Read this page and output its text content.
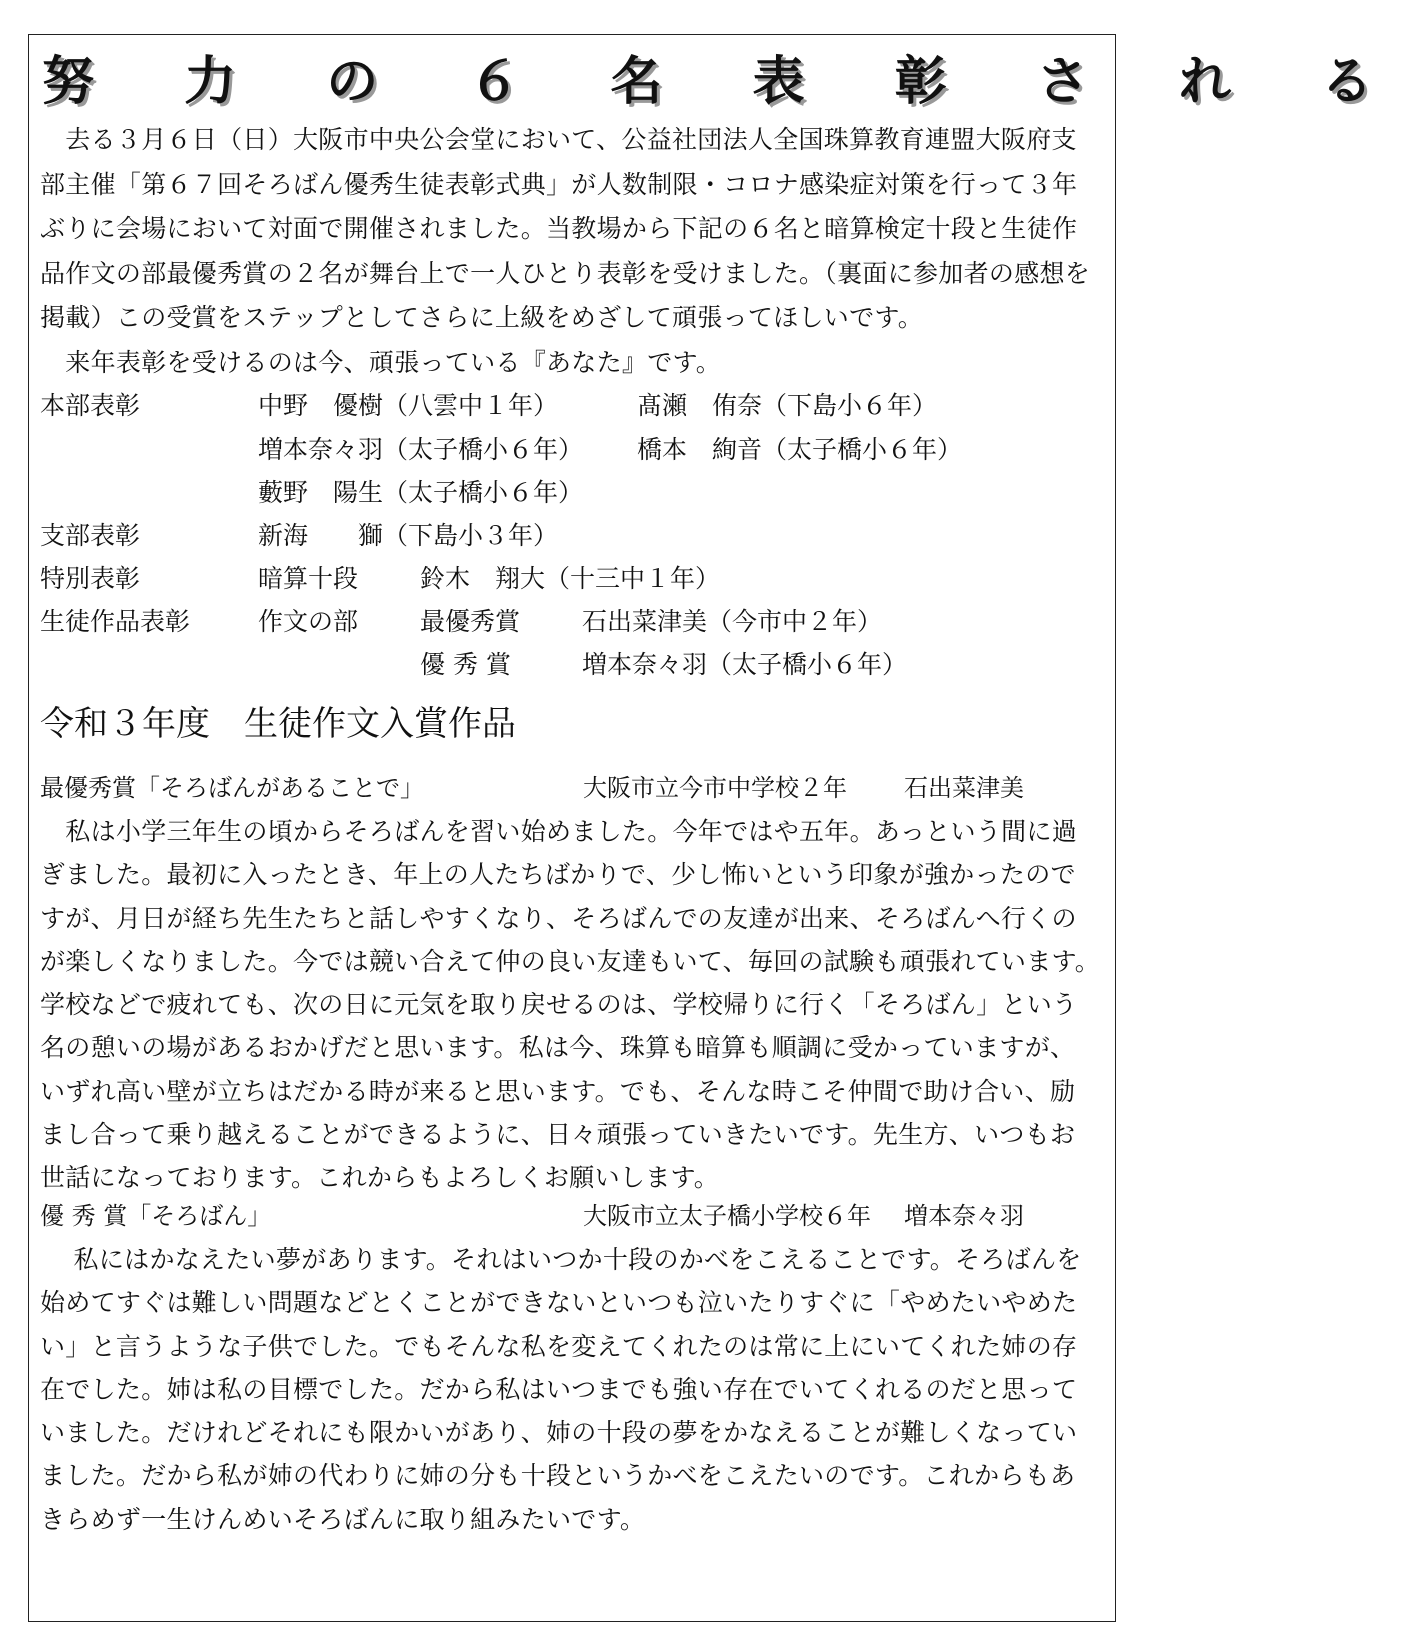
努 力 の ６ 名 表 彰 さ れ る
　去る３月６日（日）大阪市中央公会堂において、公益社団法人全国珠算教育連盟大阪府支
部主催「第６７回そろばん優秀生徒表彰式典」が人数制限・コロナ感染症対策を行って３年
ぶりに会場において対面で開催されました。当教場から下記の６名と暗算検定十段と生徒作
品作文の部最優秀賞の２名が舞台上で一人ひとり表彰を受けました。（裏面に参加者の感想を
掲載）この受賞をステップとしてさらに上級をめざして頑張ってほしいです。
　来年表彰を受けるのは今、頑張っている『あなた』です。
本部表彰	中野　優樹（八雲中１年）	髙瀬　侑奈（下島小６年）
増本奈々羽（太子橋小６年） 橋本　絢音（太子橋小６年）
藪野　陽生（太子橋小６年）
支部表彰	新海　　獅（下島小３年）
特別表彰	暗算十段 鈴木　翔大（十三中１年）
生徒作品表彰	作文の部 最優秀賞 石出菜津美（今市中２年）
優 秀 賞	増本奈々羽（太子橋小６年）
令和３年度　生徒作文入賞作品
最優秀賞「そろばんがあることで」	大阪市立今市中学校２年 石出菜津美
　私は小学三年生の頃からそろばんを習い始めました。今年ではや五年。あっという間に過
ぎました。最初に入ったとき、年上の人たちばかりで、少し怖いという印象が強かったので
すが、月日が経ち先生たちと話しやすくなり、そろばんでの友達が出来、そろばんへ行くの
が楽しくなりました。今では競い合えて仲の良い友達もいて、毎回の試験も頑張れています。
学校などで疲れても、次の日に元気を取り戻せるのは、学校帰りに行く「そろばん」という
名の憩いの場があるおかげだと思います。私は今、珠算も暗算も順調に受かっていますが、
いずれ高い壁が立ちはだかる時が来ると思います。でも、そんな時こそ仲間で助け合い、励
まし合って乗り越えることができるように、日々頑張っていきたいです。先生方、いつもお
世話になっております。これからもよろしくお願いします。
優 秀 賞「そろばん」	大阪市立太子橋小学校６年 増本奈々羽
　 私にはかなえたい夢があります。それはいつか十段のかべをこえることです。そろばんを
始めてすぐは難しい問題などとくことができないといつも泣いたりすぐに「やめたいやめた
い」と言うような子供でした。でもそんな私を変えてくれたのは常に上にいてくれた姉の存
在でした。姉は私の目標でした。だから私はいつまでも強い存在でいてくれるのだと思って
いました。だけれどそれにも限かいがあり、姉の十段の夢をかなえることが難しくなってい
ました。だから私が姉の代わりに姉の分も十段というかべをこえたいのです。これからもあ
きらめず一生けんめいそろばんに取り組みたいです。
